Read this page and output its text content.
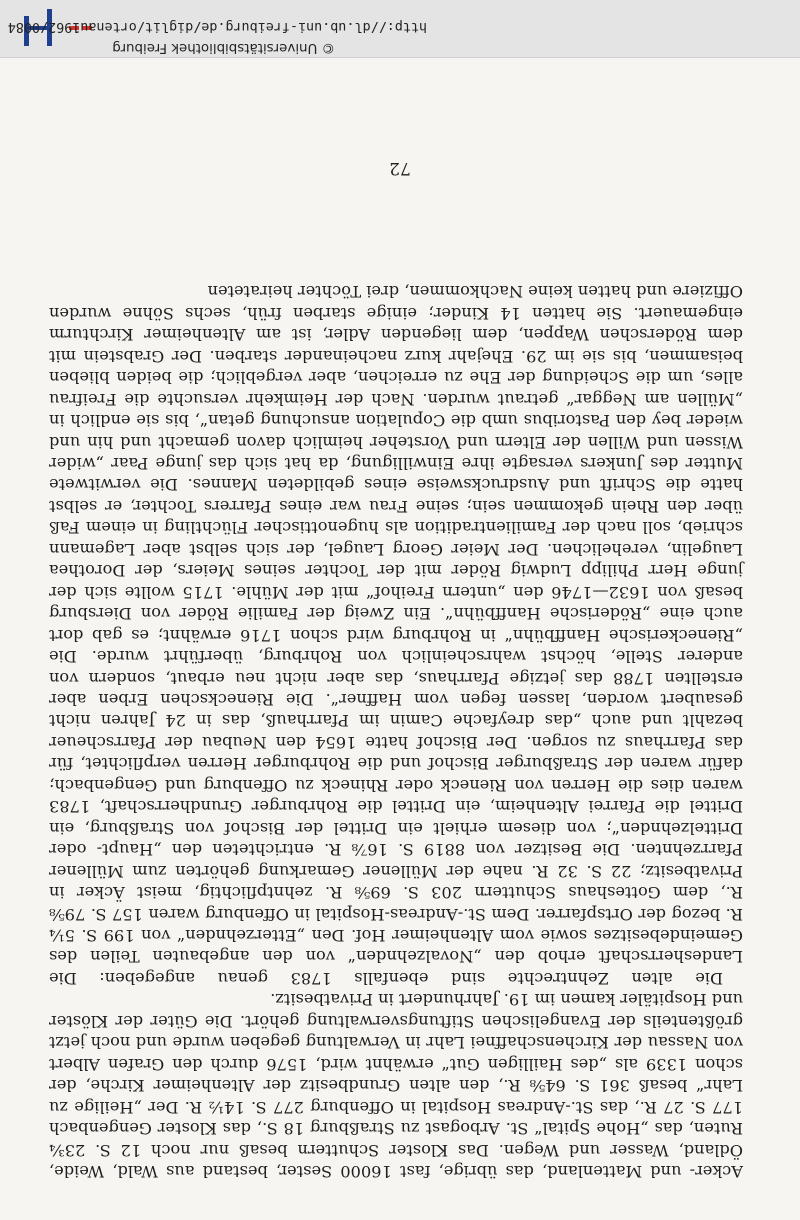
Acker- und Mattenland, das übrige, fast 16000 Sester, bestand aus Wald, Weide, Ödland, Wasser und Wegen. Das Kloster Schuttern besaß nur noch 12 S. 23¾ Ruten, das „Hohe Spital“ St. Arbogast zu Straßburg 18 S., das Kloster Gengenbach 177 S. 27 R., das St.-Andreas Hospital in Offenburg 277 S. 14½ R. Der „Heilige zu Lahr“ besaß 361 S. 64⅝ R., den alten Grundbesitz der Altenheimer Kirche, der schon 1339 als „des Hailligen Gut“ erwähnt wird, 1576 durch den Grafen Albert von Nassau der Kirchenschaffnei Lahr in Verwaltung gegeben wurde und noch jetzt größtenteils der Evangelischen Stiftungsverwaltung gehört. Die Güter der Klöster und Hospitäler kamen im 19. Jahrhundert in Privatbesitz.

Die alten Zehntrechte sind ebenfalls 1783 genau angegeben: Die Landesherrschaft erhob den „Novalzehnden“ von den angebauten Teilen des Gemeindebesitzes sowie vom Altenheimer Hof. Den „Etterzehnden“ von 199 S. 5¼ R. bezog der Ortspfarrer. Dem St.-Andreas-Hospital in Offenburg waren 157 S. 79⅝ R., dem Gotteshaus Schuttern 203 S. 69⅝ R. zehntpflichtig, meist Äcker in Privatbesitz; 22 S. 32 R. nahe der Müllener Gemarkung gehörten zum Müllener Pfarrzehnten. Die Besitzer von 8819 S. 16⅞ R. entrichteten den „Haupt- oder Drittelzehnden“; von diesem erhielt ein Drittel der Bischof von Straßburg, ein Drittel die Pfarrei Altenheim, ein Drittel die Rohrburger Grundherrschaft, 1783 waren dies die Herren von Rieneck oder Rhineck zu Offenburg und Gengenbach; dafür waren der Straßburger Bischof und die Rohrburger Herren verpflichtet, für das Pfarrhaus zu sorgen. Der Bischof hatte 1654 den Neubau der Pfarrscheuer bezahlt und auch „das dreyfache Camin im Pfarrhauß, das in 24 Jahren nicht gesaubert worden, lassen fegen vom Haffner“. Die Rieneckschen Erben aber erstellten 1788 das jetzige Pfarrhaus, das aber nicht neu erbaut, sondern von anderer Stelle, höchst wahrscheinlich von Rohrburg, überführt wurde. Die „Rieneckerische Hanffbühn“ in Rohrburg wird schon 1716 erwähnt; es gab dort auch eine „Röderische Hanffbühn“. Ein Zweig der Familie Röder von Diersburg besaß von 1632—1746 den „untern Freihof“ mit der Mühle. 1715 wollte sich der junge Herr Philipp Ludwig Röder mit der Tochter seines Meiers, der Dorothea Laugelin, verehelichen. Der Meier Georg Laugel, der sich selbst aber Lagemann schrieb, soll nach der Familientradition als hugenottischer Flüchtling in einem Faß über den Rhein gekommen sein; seine Frau war eines Pfarrers Tochter, er selbst hatte die Schrift und Ausdrucksweise eines gebildeten Mannes. Die verwitwete Mutter des Junkers versagte ihre Einwilligung, da hat sich das junge Paar „wider Wissen und Willen der Eltern und Vorsteher heimlich davon gemacht und hin und wieder bey den Pastoribus umb die Copulation ansuchung getan“, bis sie endlich in „Müllen am Neggar“ getraut wurden. Nach der Heimkehr versuchte die Freifrau alles, um die Scheidung der Ehe zu erreichen, aber vergeblich; die beiden blieben beisammen, bis sie im 29. Ehejahr kurz nacheinander starben. Der Grabstein mit dem Röderschen Wappen, dem liegenden Adler, ist am Altenheimer Kirchturm eingemauert. Sie hatten 14 Kinder; einige starben früh, sechs Söhne wurden Offiziere und hatten keine Nachkommen, drei Töchter heirateten

72
http://dl.ub.uni-freiburg.de/diglit/ortenau1962/0084
© Universitätsbibliothek Freiburg
